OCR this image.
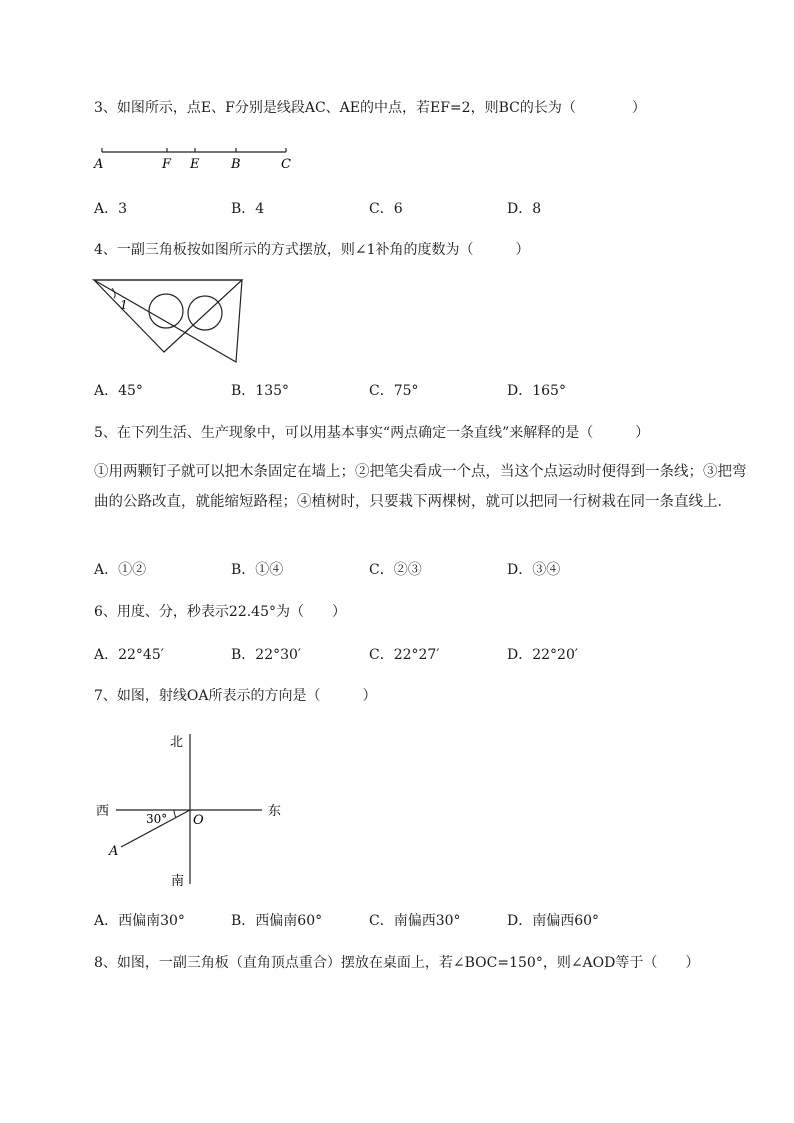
3、如图所示，点E、F分别是线段AC、AE的中点，若EF=2，则BC的长为（　　　　）
A	F E B	C
A．3	B．4	C．6	D．8
4、一副三角板按如图所示的方式摆放，则∠1补角的度数为（　　　）
1
A．45°	B．135°	C．75°	D．165°
5、在下列生活、生产现象中，可以用基本事实“两点确定一条直线”来解释的是（　　　）
①用两颗钉子就可以把木条固定在墙上；②把笔尖看成一个点，当这个点运动时便得到一条线；③把弯曲的公路改直，就能缩短路程；④植树时，只要栽下两棵树，就可以把同一行树栽在同一条直线上．
A．①②	B．①④	C．②③	D．③④
6、用度、分，秒表示22.45°为（　　）
A．22°45′	B．22°30′	C．22°27′	D．22°20′
7、如图，射线OA所表示的方向是（　　　）
北
南
西	东
O
A
30°
A．西偏南30°	B．西偏南60°	C．南偏西30°	D．南偏西60°
8、如图，一副三角板（直角顶点重合）摆放在桌面上，若∠BOC=150°，则∠AOD等于（　　）
